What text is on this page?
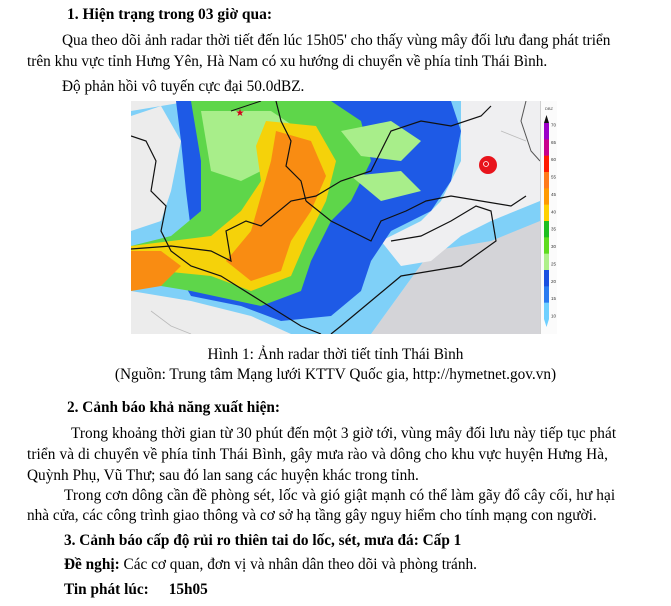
1. Hiện trạng trong 03 giờ qua:
Qua theo dõi ảnh radar thời tiết đến lúc 15h05' cho thấy vùng mây đối lưu đang phát triển
trên khu vực tỉnh Hưng Yên, Hà Nam có xu hướng di chuyển về phía tỉnh Thái Bình.
Độ phản hồi vô tuyến cực đại 50.0dBZ.
★	DBZ
70
65
60
55
45
40
35
30
25
20
15
10
Hình 1: Ảnh radar thời tiết tỉnh Thái Bình
(Nguồn: Trung tâm Mạng lưới KTTV Quốc gia, http://hymetnet.gov.vn)
2. Cảnh báo khả năng xuất hiện:
Trong khoảng thời gian từ 30 phút đến một 3 giờ tới, vùng mây đối lưu này tiếp tục phát
triển và di chuyển về phía tỉnh Thái Bình, gây mưa rào và dông cho khu vực huyện Hưng Hà,
Quỳnh Phụ, Vũ Thư; sau đó lan sang các huyện khác trong tỉnh.
Trong cơn dông cần đề phòng sét, lốc và gió giật mạnh có thể làm gãy đổ cây cối, hư hại
nhà cửa, các công trình giao thông và cơ sở hạ tầng gây nguy hiểm cho tính mạng con người.
3. Cảnh báo cấp độ rủi ro thiên tai do lốc, sét, mưa đá: Cấp 1
Đề nghị: Các cơ quan, đơn vị và nhân dân theo dõi và phòng tránh.
Tin phát lúc: 15h05
